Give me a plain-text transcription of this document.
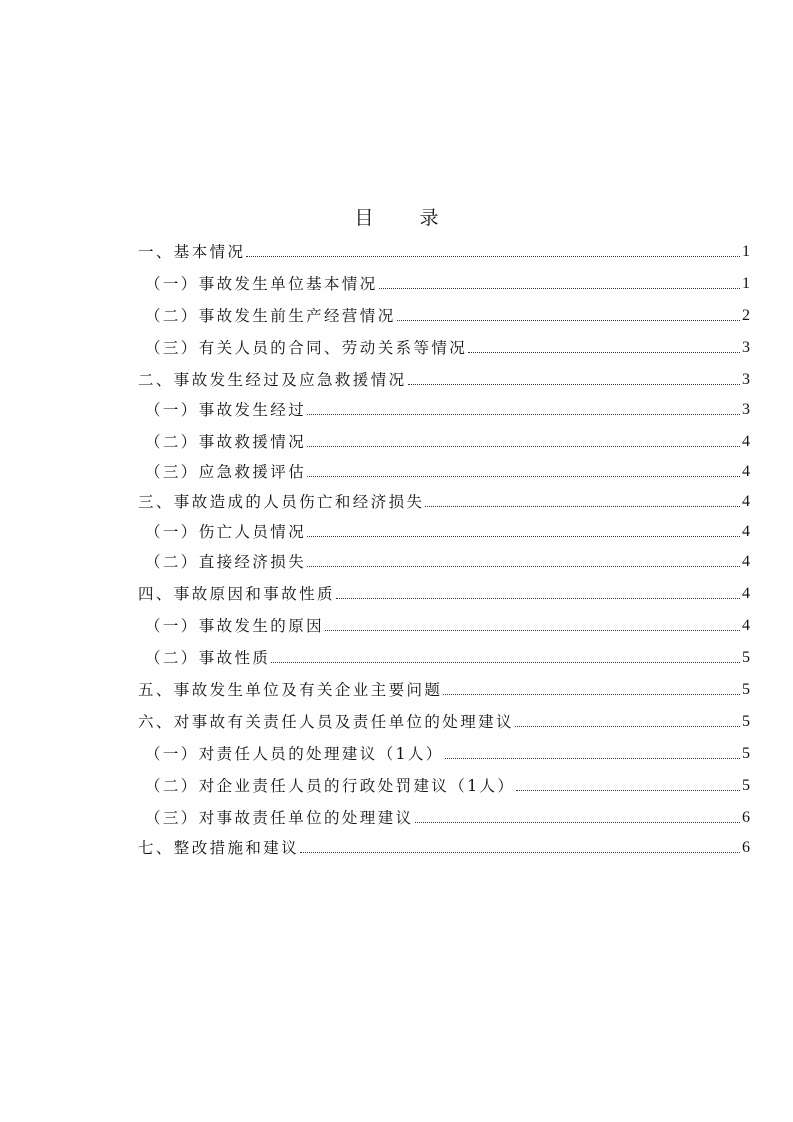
目 录
一、基本情况	1
（一）事故发生单位基本情况	1
（二）事故发生前生产经营情况	2
（三）有关人员的合同、劳动关系等情况	3
二、事故发生经过及应急救援情况	3
（一）事故发生经过	3
（二）事故救援情况	4
（三）应急救援评估	4
三、事故造成的人员伤亡和经济损失	4
（一）伤亡人员情况	4
（二）直接经济损失	4
四、事故原因和事故性质	4
（一）事故发生的原因	4
（二）事故性质	5
五、事故发生单位及有关企业主要问题	5
六、对事故有关责任人员及责任单位的处理建议	5
（一）对责任人员的处理建议（1人）	5
（二）对企业责任人员的行政处罚建议（1人）	5
（三）对事故责任单位的处理建议	6
七、整改措施和建议	6
